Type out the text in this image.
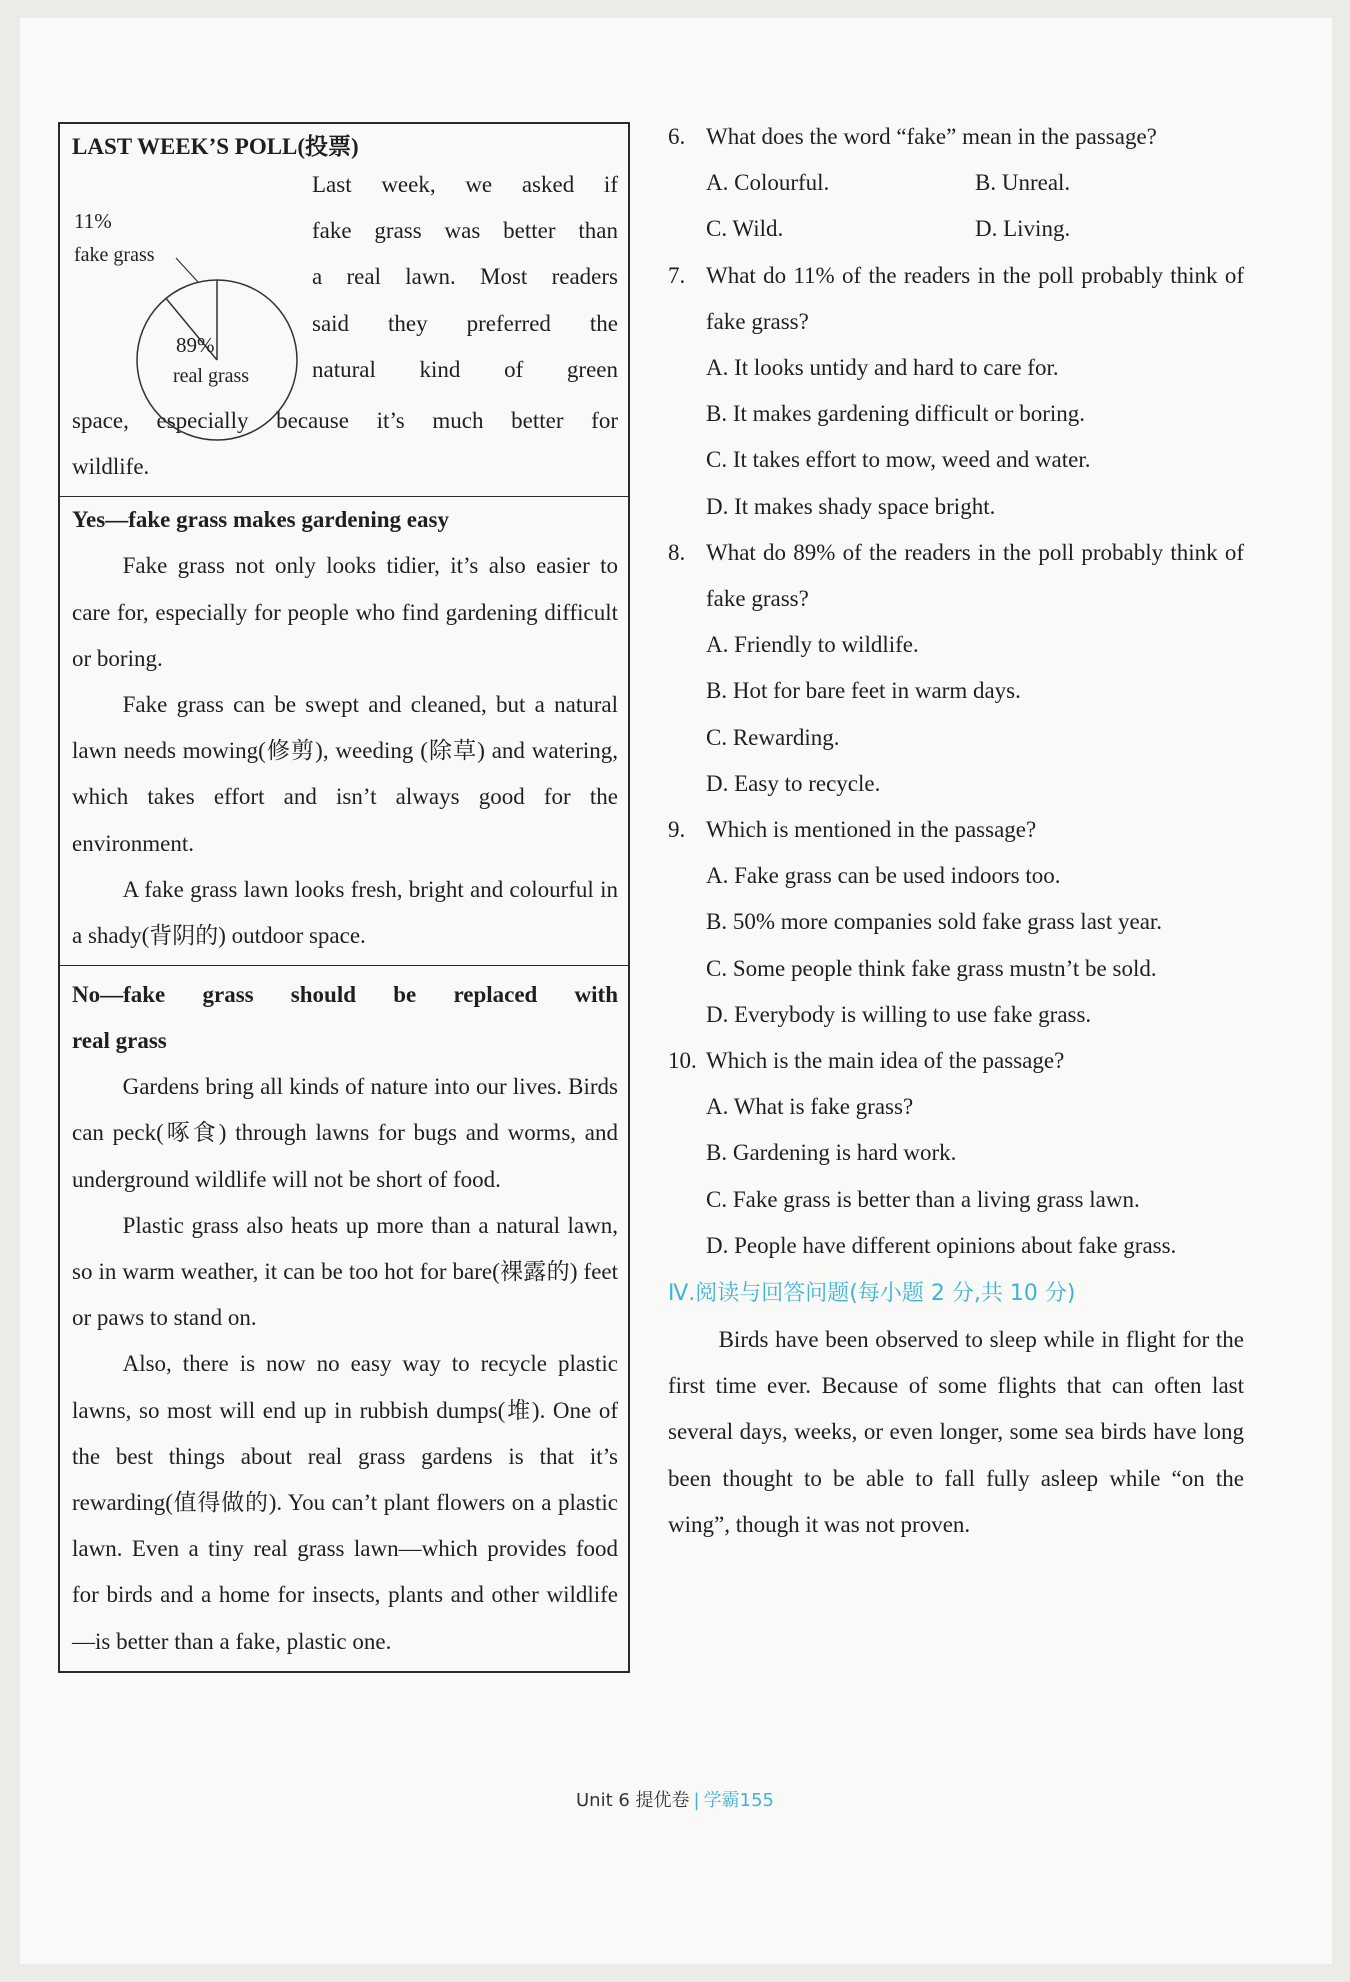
LAST WEEK’S POLL(投票)
11%
fake grass
89%
real grass
Last week, we asked if
fake grass was better than
a real lawn. Most readers
said they preferred the
natural kind of green
space, especially because it’s much better for
wildlife.
Yes—fake grass makes gardening easy
Fake grass not only looks tidier, it’s also easier to care for, especially for people who find gardening difficult or boring.
Fake grass can be swept and cleaned, but a natural lawn needs mowing(修剪), weeding (除草) and watering, which takes effort and isn’t always good for the environment.
A fake grass lawn looks fresh, bright and colourful in a shady(背阴的) outdoor space.
No—fake grass should be replaced with
real grass
Gardens bring all kinds of nature into our lives. Birds can peck(啄食) through lawns for bugs and worms, and underground wildlife will not be short of food.
Plastic grass also heats up more than a natural lawn, so in warm weather, it can be too hot for bare(裸露的) feet or paws to stand on.
Also, there is now no easy way to recycle plastic lawns, so most will end up in rubbish dumps(堆). One of the best things about real grass gardens is that it’s rewarding(值得做的). You can’t plant flowers on a plastic lawn. Even a tiny real grass lawn—which provides food for birds and a home for insects, plants and other wildlife—is better than a fake, plastic one.
6. What does the word “fake” mean in the passage?
A. Colourful.	B. Unreal.
C. Wild.	D. Living.
7. What do 11% of the readers in the poll probably think of fake grass?
A. It looks untidy and hard to care for.
B. It makes gardening difficult or boring.
C. It takes effort to mow, weed and water.
D. It makes shady space bright.
8. What do 89% of the readers in the poll probably think of fake grass?
A. Friendly to wildlife.
B. Hot for bare feet in warm days.
C. Rewarding.
D. Easy to recycle.
9. Which is mentioned in the passage?
A. Fake grass can be used indoors too.
B. 50% more companies sold fake grass last year.
C. Some people think fake grass mustn’t be sold.
D. Everybody is willing to use fake grass.
10. Which is the main idea of the passage?
A. What is fake grass?
B. Gardening is hard work.
C. Fake grass is better than a living grass lawn.
D. People have different opinions about fake grass.
Ⅳ.阅读与回答问题(每小题 2 分,共 10 分)
Birds have been observed to sleep while in flight for the first time ever. Because of some flights that can often last several days, weeks, or even longer, some sea birds have long been thought to be able to fall fully asleep while “on the wing”, though it was not proven.
Unit 6 提优卷 | 学霸155
